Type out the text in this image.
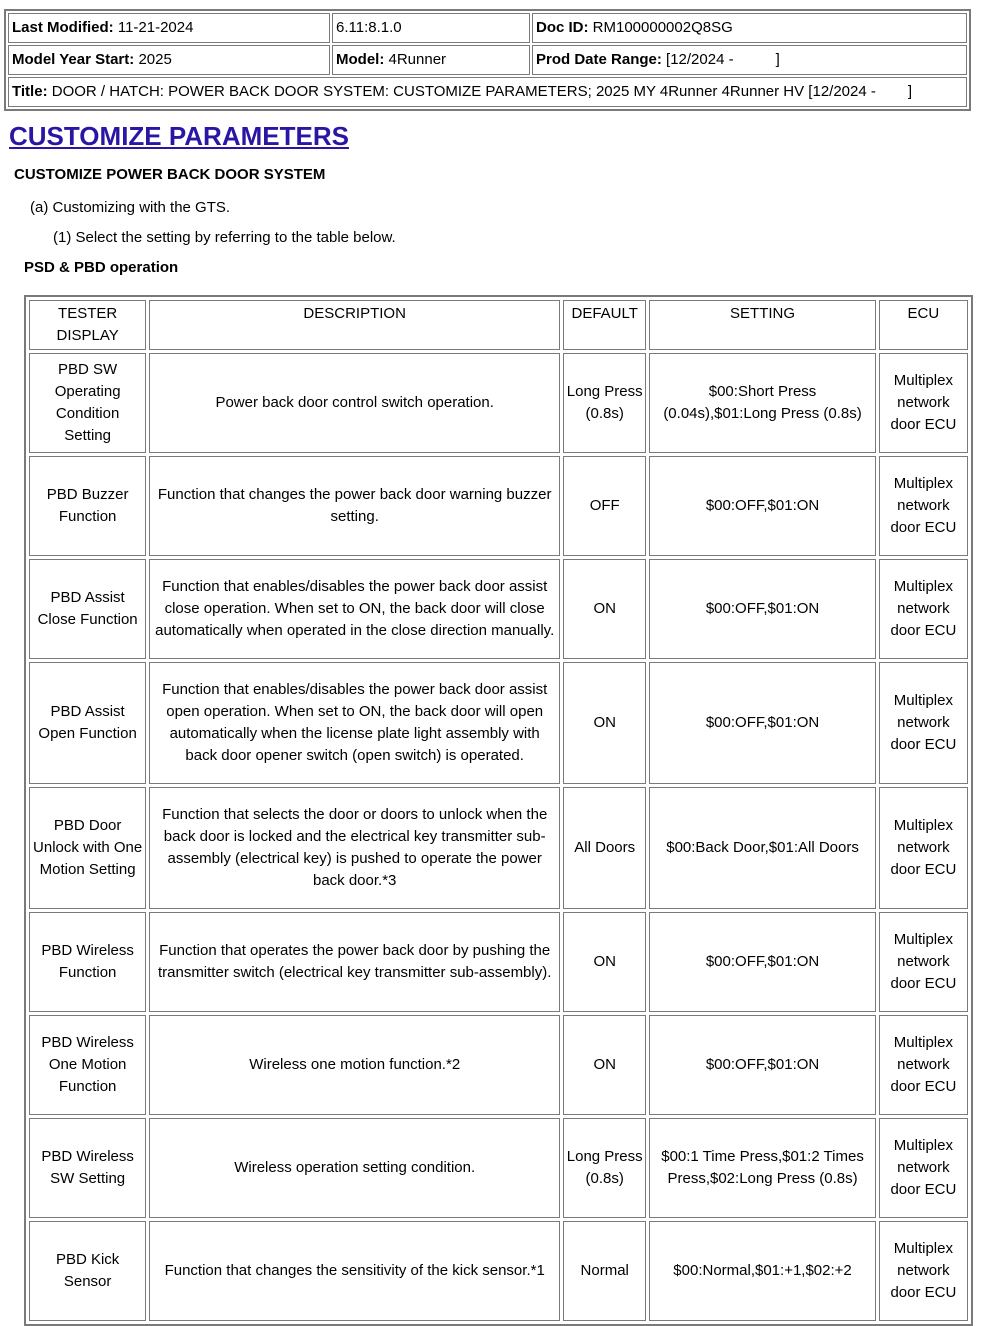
Last Modified: 11-21-2024	6.11:8.1.0	Doc ID: RM100000002Q8SG
Model Year Start: 2025	Model: 4Runner	Prod Date Range: [12/2024 - ]
Title: DOOR / HATCH: POWER BACK DOOR SYSTEM: CUSTOMIZE PARAMETERS; 2025 MY 4Runner 4Runner HV [12/2024 - ]		
CUSTOMIZE PARAMETERS
CUSTOMIZE POWER BACK DOOR SYSTEM
(a) Customizing with the GTS.
(1) Select the setting by referring to the table below.
PSD & PBD operation
TESTER DISPLAY	DESCRIPTION	DEFAULT	SETTING	ECU
PBD SW Operating Condition Setting	Power back door control switch operation.	Long Press (0.8s)	$00:Short Press (0.04s),$01:Long Press (0.8s)	Multiplex network door ECU
PBD Buzzer Function	Function that changes the power back door warning buzzer setting.	OFF	$00:OFF,$01:ON	Multiplex network door ECU
PBD Assist Close Function	Function that enables/disables the power back door assist close operation. When set to ON, the back door will close automatically when operated in the close direction manually.	ON	$00:OFF,$01:ON	Multiplex network door ECU
PBD Assist Open Function	Function that enables/disables the power back door assist open operation. When set to ON, the back door will open automatically when the license plate light assembly with back door opener switch (open switch) is operated.	ON	$00:OFF,$01:ON	Multiplex network door ECU
PBD Door Unlock with One Motion Setting	Function that selects the door or doors to unlock when the back door is locked and the electrical key transmitter sub-assembly (electrical key) is pushed to operate the power back door.*3	All Doors	$00:Back Door,$01:All Doors	Multiplex network door ECU
PBD Wireless Function	Function that operates the power back door by pushing the transmitter switch (electrical key transmitter sub-assembly).	ON	$00:OFF,$01:ON	Multiplex network door ECU
PBD Wireless One Motion Function	Wireless one motion function.*2	ON	$00:OFF,$01:ON	Multiplex network door ECU
PBD Wireless SW Setting	Wireless operation setting condition.	Long Press (0.8s)	$00:1 Time Press,$01:2 Times Press,$02:Long Press (0.8s)	Multiplex network door ECU
PBD Kick Sensor	Function that changes the sensitivity of the kick sensor.*1	Normal	$00:Normal,$01:+1,$02:+2	Multiplex network door ECU
